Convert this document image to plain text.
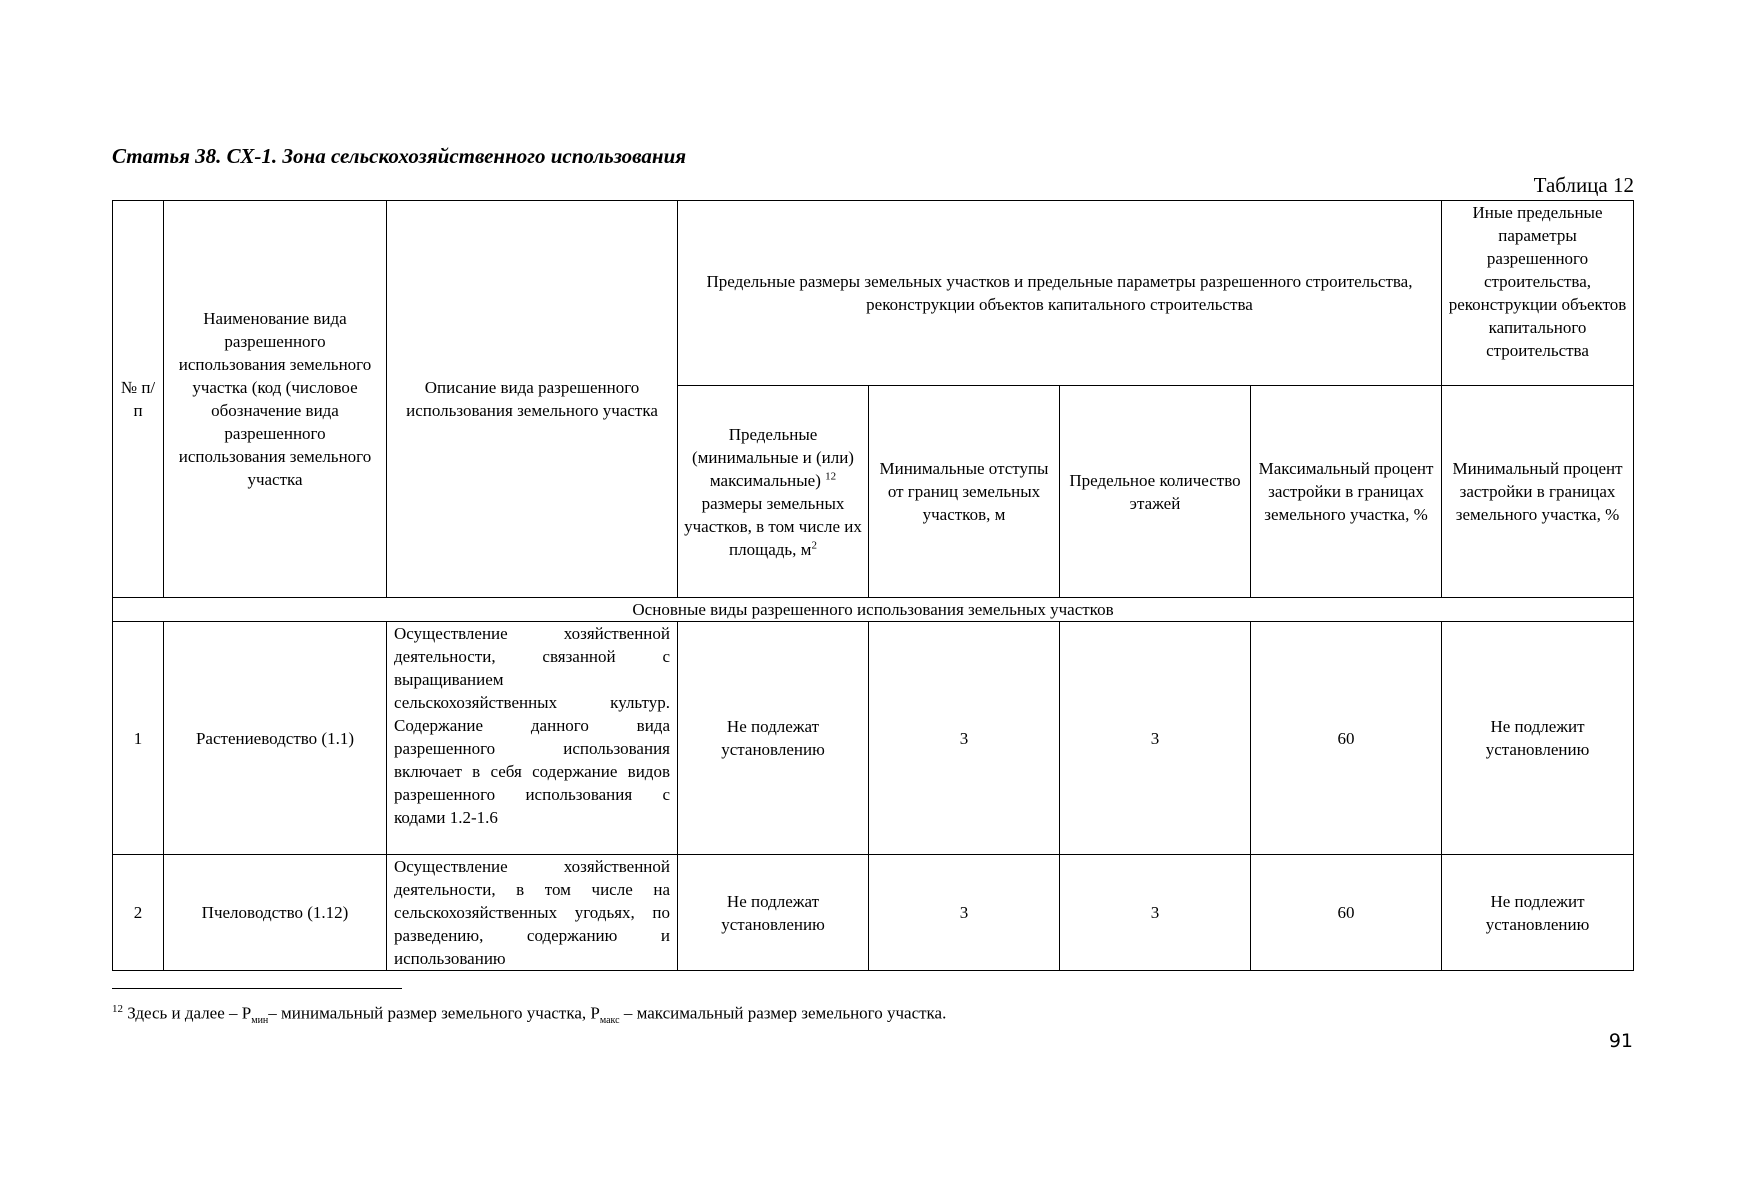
Статья 38. СХ-1. Зона сельскохозяйственного использования
Таблица 12
№ п/п	Наименование вида разрешенного использования земельного участка (код (числовое обозначение вида разрешенного использования земельного участка	Описание вида разрешенного использования земельного участка	Предельные размеры земельных участков и предельные параметры разрешенного строительства, реконструкции объектов капитального строительства				Иные предельные параметры разрешенного строительства, реконструкции объектов капитального строительства
			Предельные (минимальные и (или) максимальные) $^{12}$ размеры земельных участков, в том числе их площадь, $м^2$	Минимальные отступы от границ земельных участков, м	Предельное количество этажей	Максимальный процент застройки в границах земельного участка, %	Минимальный процент застройки в границах земельного участка, %
Основные виды разрешенного использования земельных участков							
1	Растениеводство (1.1)	Осуществление хозяйственной деятельности, связанной с выращиванием сельскохозяйственных культур. Содержание данного вида разрешенного использования включает в себя содержание видов разрешенного использования с кодами 1.2-1.6	Не подлежат установлению	3	3	60	Не подлежит установлению
2	Пчеловодство (1.12)	Осуществление хозяйственной деятельности, в том числе на сельскохозяйственных угодьях, по разведению, содержанию и использованию	Не подлежат установлению	3	3	60	Не подлежит установлению
$^{12}$ Здесь и далее – $Р_{мин}-$ минимальный размер земельного участка, $Р_{макс}$ – максимальный размер земельного участка.
91
